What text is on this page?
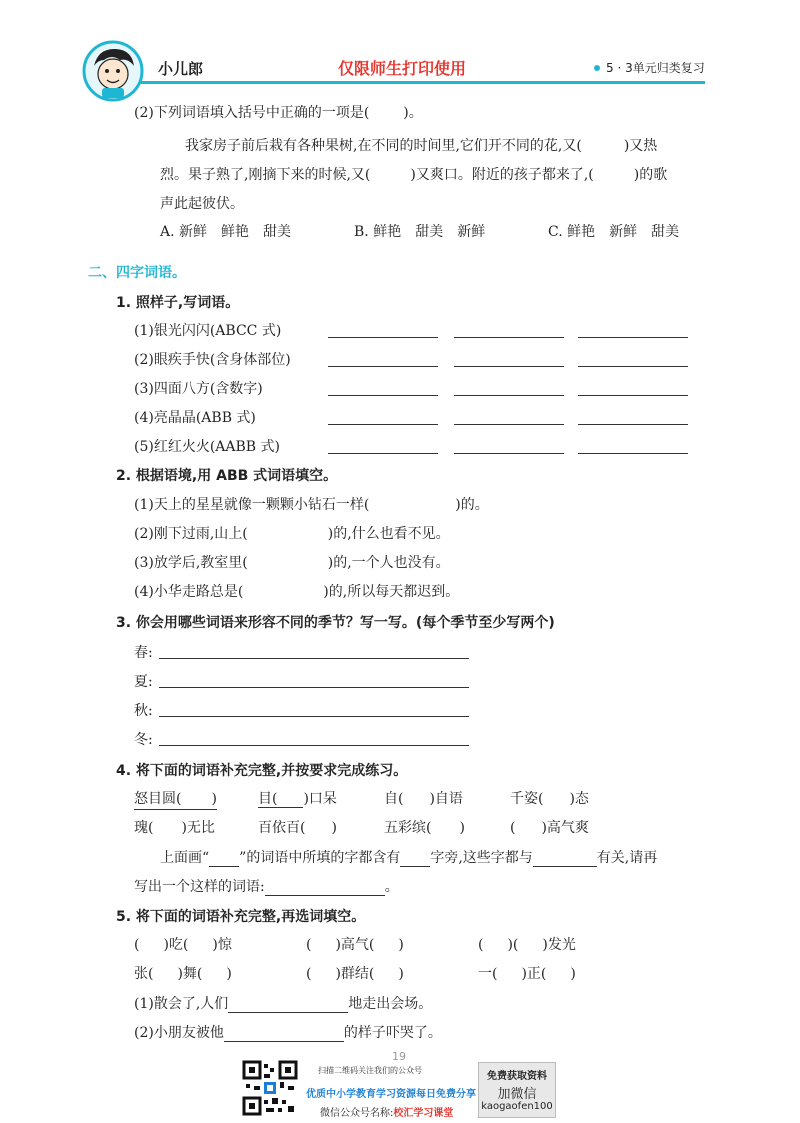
小儿郎	仅限师生打印使用	5 · 3单元归类复习
(2)下列词语填入括号中正确的一项是( )。
我家房子前后栽有各种果树,在不同的时间里,它们开不同的花,又(	)又热
烈。果子熟了,刚摘下来的时候,又(	)又爽口。附近的孩子都来了,(	)的歌
声此起彼伏。
A. 新鲜　鲜艳　甜美	B. 鲜艳　甜美　新鲜	C. 鲜艳　新鲜　甜美
二、四字词语。
1. 照样子,写词语。
(1)银光闪闪(ABCC 式)
(2)眼疾手快(含身体部位)
(3)四面八方(含数字)
(4)亮晶晶(ABB 式)
(5)红红火火(AABB 式)
2. 根据语境,用 ABB 式词语填空。
(1)天上的星星就像一颗颗小钻石一样(	)的。
(2)刚下过雨,山上(	)的,什么也看不见。
(3)放学后,教室里(	)的,一个人也没有。
(4)小华走路总是(	)的,所以每天都迟到。
3. 你会用哪些词语来形容不同的季节？写一写。(每个季节至少写两个)
春:
夏:
秋:
冬:
4. 将下面的词语补充完整,并按要求完成练习。
怒目圆( )	目( )口呆	自( )自语	千姿( )态
瑰( )无比	百依百( )	五彩缤( )	( )高气爽
上面画“ ”的词语中所填的字都含有 字旁,这些字都与	有关,请再
写出一个这样的词语:	。
5. 将下面的词语补充完整,再选词填空。
( )吃( )惊	( )高气( )	( )( )发光
张( )舞( )	( )群结( )	一( )正( )
(1)散会了,人们	地走出会场。
(2)小朋友被他	的样子吓哭了。
19
扫描二维码关注我们的公众号
优质中小学教育学习资源每日免费分享
微信公众号名称:校汇学习课堂
免费获取资料
加微信
kaogaofen100
